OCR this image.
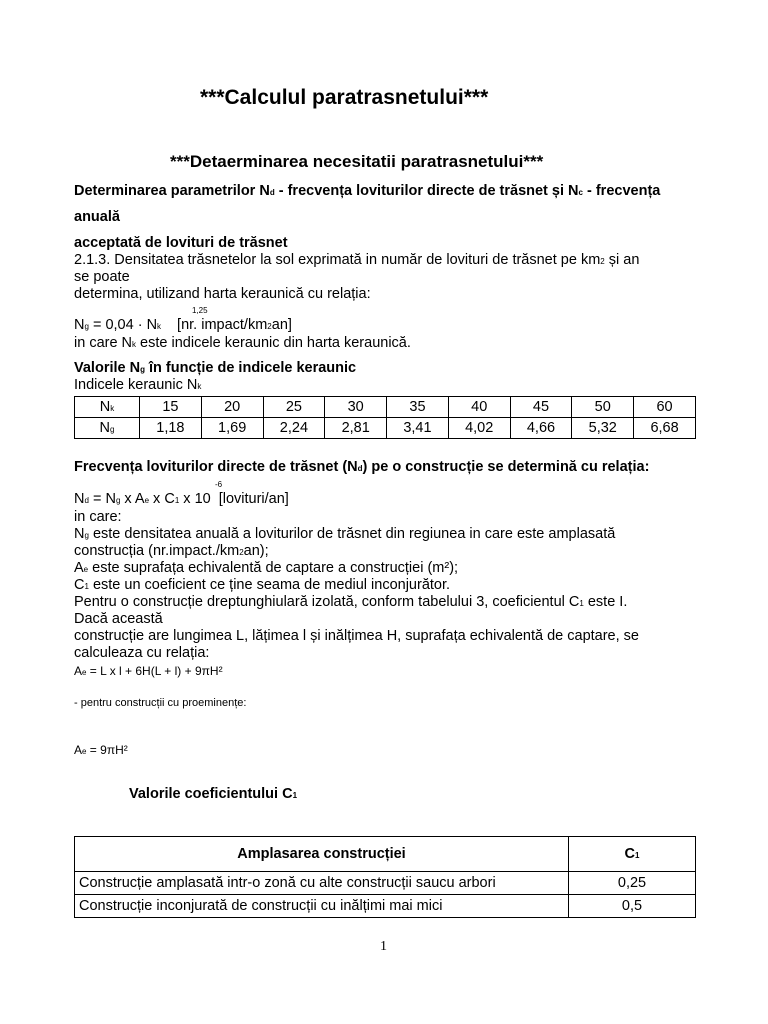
***Calculul paratrasnetului***
***Detaerminarea necesitatii paratrasnetului***
Determinarea parametrilor Nd - frecvența loviturilor directe de trăsnet și Nc - frecvența
anuală
acceptată de lovituri de trăsnet
2.1.3. Densitatea trăsnetelor la sol exprimată in număr de lovituri de trăsnet pe km2 și an
se poate
determina, utilizand harta keraunică cu relația:
1,25
Ng = 0,04 · Nk [nr. impact/km2an]
in care Nk este indicele keraunic din harta keraunică.
Valorile Ng în funcție de indicele keraunic
Indicele keraunic Nk
Nk	15	20	25	30	35	40	45	50	60
Ng	1,18	1,69	2,24	2,81	3,41	4,02	4,66	5,32	6,68
Frecvența loviturilor directe de trăsnet (Nd) pe o construcție se determină cu relația:
-6
Nd = Ng x Ae x C1 x 10 [lovituri/an]
in care:
Ng este densitatea anuală a loviturilor de trăsnet din regiunea in care este amplasată
construcția (nr.impact./km2an);
Ae este suprafața echivalentă de captare a construcției (m²);
C1 este un coeficient ce ține seama de mediul inconjurător.
Pentru o construcție dreptunghiulară izolată, conform tabelului 3, coeficientul C1 este I.
Dacă această
construcție are lungimea L, lățimea l și inălțimea H, suprafața echivalentă de captare, se
calculeaza cu relația:
Ae = L x l + 6H(L + l) + 9πH²
- pentru construcții cu proeminențe:
Ae = 9πH²
Valorile coeficientului C1
Amplasarea construcției	C1
Construcție amplasată intr-o zonă cu alte construcții saucu arbori	0,25
Construcție inconjurată de construcții cu inălțimi mai mici	0,5
1
